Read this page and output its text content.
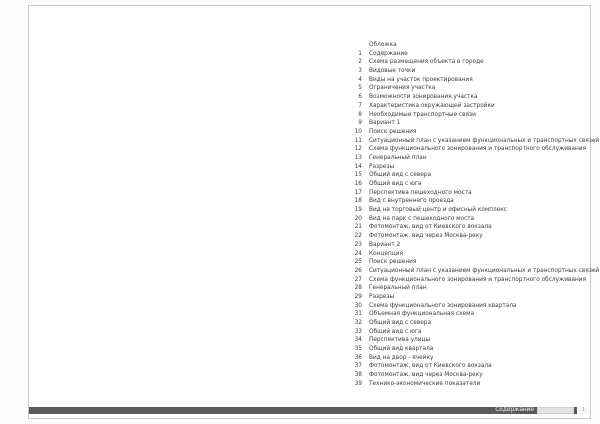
Обложка
1	Содержание
2	Схема размещения объекта в городе
3	Видовые точки
4	Виды на участок проектирования
5	Ограничения участка
6	Возможности зонирования участка
7	Характеристика окружающей застройки
8	Необходимые транспортные связи
9	Вариант 1
10	Поиск решения
11	Ситуационный план с указанием функциональных и транспортных связей
12	Схема функционального зонирования и транспортного обслуживания
13	Генеральный план
14	Разрезы
15	Общий вид с севера
16	Общий вид с юга
17	Перспектива пешеходного моста
18	Вид с внутреннего проезда
19	Вид на торговый центр и офисный комплекс
20	Вид на парк с пешеходного моста
21	Фотомонтаж, вид от Киевского вокзала
22	Фотомонтаж, вид через Москва-реку
23	Вариант 2
24	Концепция
25	Поиск решения
26	Ситуационный план с указанием функциональных и транспортных связей
27	Схема функционального зонирования и транспортного обслуживания
28	Генеральный план
29	Разрезы
30	Схема функционального зонирования квартала
31	Объемная функциональная схема
32	Общий вид с севера
33	Общий вид с юга
34	Перспектива улицы
35	Общий вид квартала
36	Вид на двор - ячейку
37	Фотомонтаж, вид от Киевского вокзала
38	Фотомонтаж, вид через Москва-реку
39	Технико-экономические показатели
Содержание	1
